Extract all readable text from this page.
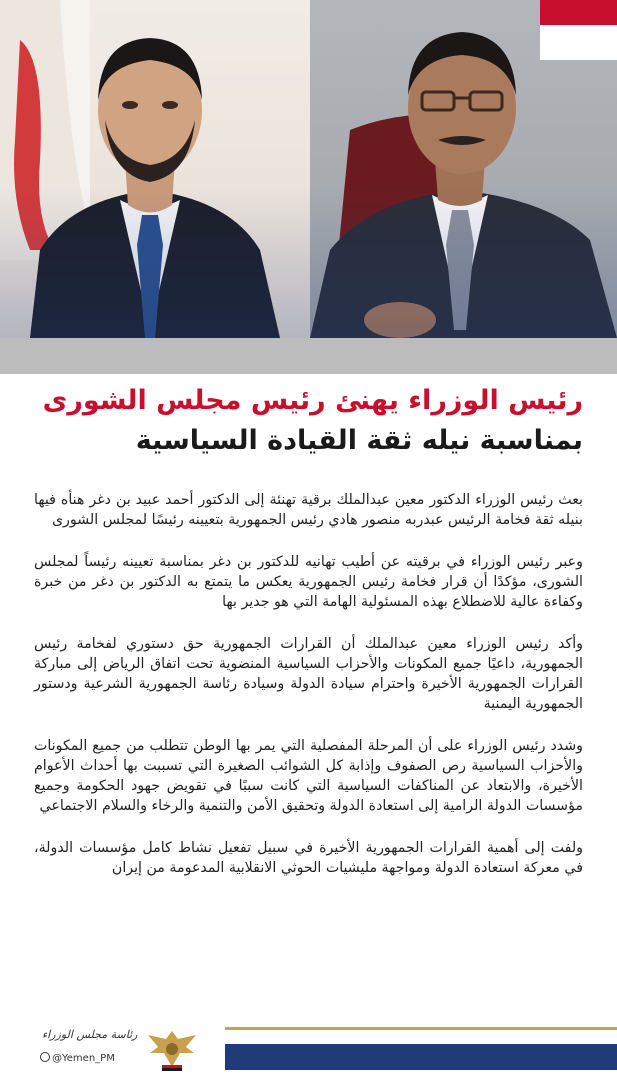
رئيس الوزراء يهنئ رئيس مجلس الشورى
بمناسبة نيله ثقة القيادة السياسية

بعث رئيس الوزراء الدكتور معين عبدالملك برقية تهنئة إلى الدكتور أحمد عبيد بن دغر هنأه فيها بنيله ثقة فخامة الرئيس عبدربه منصور هادي رئيس الجمهورية بتعيينه رئيسًا لمجلس الشورى

وعبر رئيس الوزراء في برقيته عن أطيب تهانيه للدكتور بن دغر بمناسبة تعيينه رئيساً لمجلس الشورى، مؤكدًا أن قرار فخامة رئيس الجمهورية يعكس ما يتمتع به الدكتور بن دغر من خبرة وكفاءة عالية للاضطلاع بهذه المسئولية الهامة التي هو جدير بها

وأكد رئيس الوزراء معين عبدالملك أن القرارات الجمهورية حق دستوري لفخامة رئيس الجمهورية، داعيًا جميع المكونات والأحزاب السياسية المنضوية تحت اتفاق الرياض إلى مباركة القرارات الجمهورية الأخيرة واحترام سيادة الدولة وسيادة رئاسة الجمهورية الشرعية ودستور الجمهورية اليمنية

وشدد رئيس الوزراء على أن المرحلة المفصلية التي يمر بها الوطن تتطلب من جميع المكونات والأحزاب السياسية رص الصفوف وإذابة كل الشوائب الصغيرة التي تسببت بها أحداث الأعوام الأخيرة، والابتعاد عن المناكفات السياسية التي كانت سببًا في تقويض جهود الحكومة وجميع مؤسسات الدولة الرامية إلى استعادة الدولة وتحقيق الأمن والتنمية والرخاء والسلام الاجتماعي

ولفت إلى أهمية القرارات الجمهورية الأخيرة في سبيل تفعيل نشاط كامل مؤسسات الدولة، في معركة استعادة الدولة ومواجهة مليشيات الحوثي الانقلابية المدعومة من إيران

رئاسة مجلس الوزراء
@Yemen_PM
